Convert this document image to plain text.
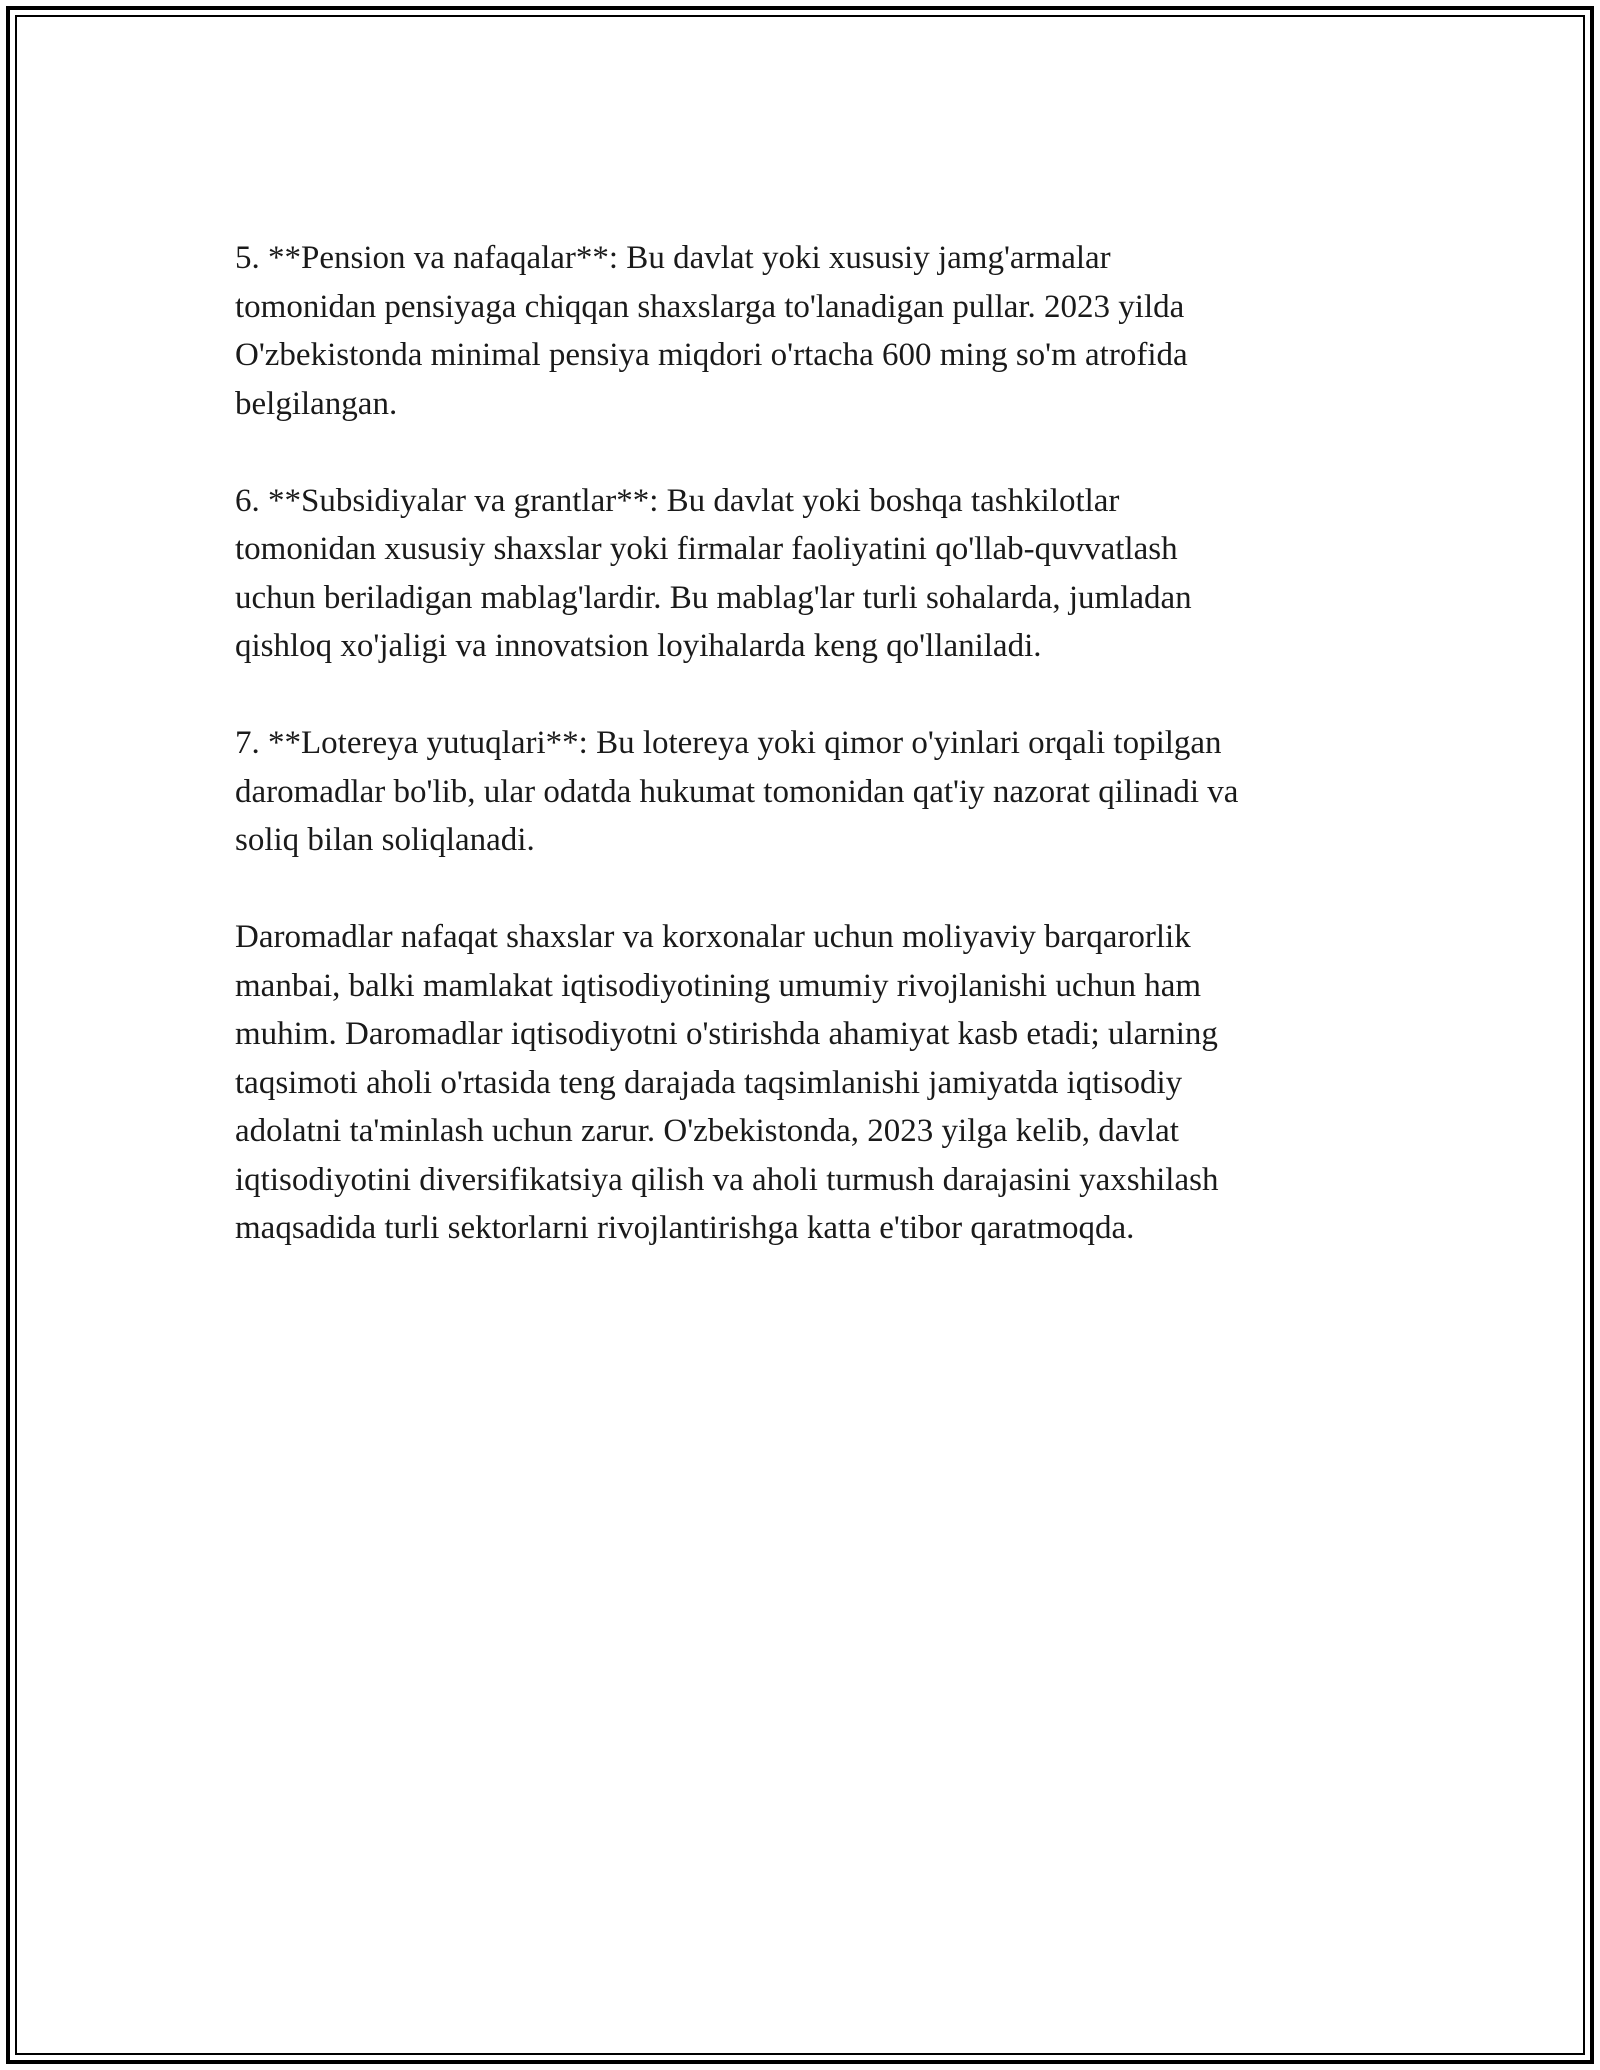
5. **Pension va nafaqalar**: Bu davlat yoki xususiy jamg'armalar
tomonidan pensiyaga chiqqan shaxslarga to'lanadigan pullar. 2023 yilda
O'zbekistonda minimal pensiya miqdori o'rtacha 600 ming so'm atrofida
belgilangan.

6. **Subsidiyalar va grantlar**: Bu davlat yoki boshqa tashkilotlar
tomonidan xususiy shaxslar yoki firmalar faoliyatini qo'llab-quvvatlash
uchun beriladigan mablag'lardir. Bu mablag'lar turli sohalarda, jumladan
qishloq xo'jaligi va innovatsion loyihalarda keng qo'llaniladi.

7. **Lotereya yutuqlari**: Bu lotereya yoki qimor o'yinlari orqali topilgan
daromadlar bo'lib, ular odatda hukumat tomonidan qat'iy nazorat qilinadi va
soliq bilan soliqlanadi.

Daromadlar nafaqat shaxslar va korxonalar uchun moliyaviy barqarorlik
manbai, balki mamlakat iqtisodiyotining umumiy rivojlanishi uchun ham
muhim. Daromadlar iqtisodiyotni o'stirishda ahamiyat kasb etadi; ularning
taqsimoti aholi o'rtasida teng darajada taqsimlanishi jamiyatda iqtisodiy
adolatni ta'minlash uchun zarur. O'zbekistonda, 2023 yilga kelib, davlat
iqtisodiyotini diversifikatsiya qilish va aholi turmush darajasini yaxshilash
maqsadida turli sektorlarni rivojlantirishga katta e'tibor qaratmoqda.
